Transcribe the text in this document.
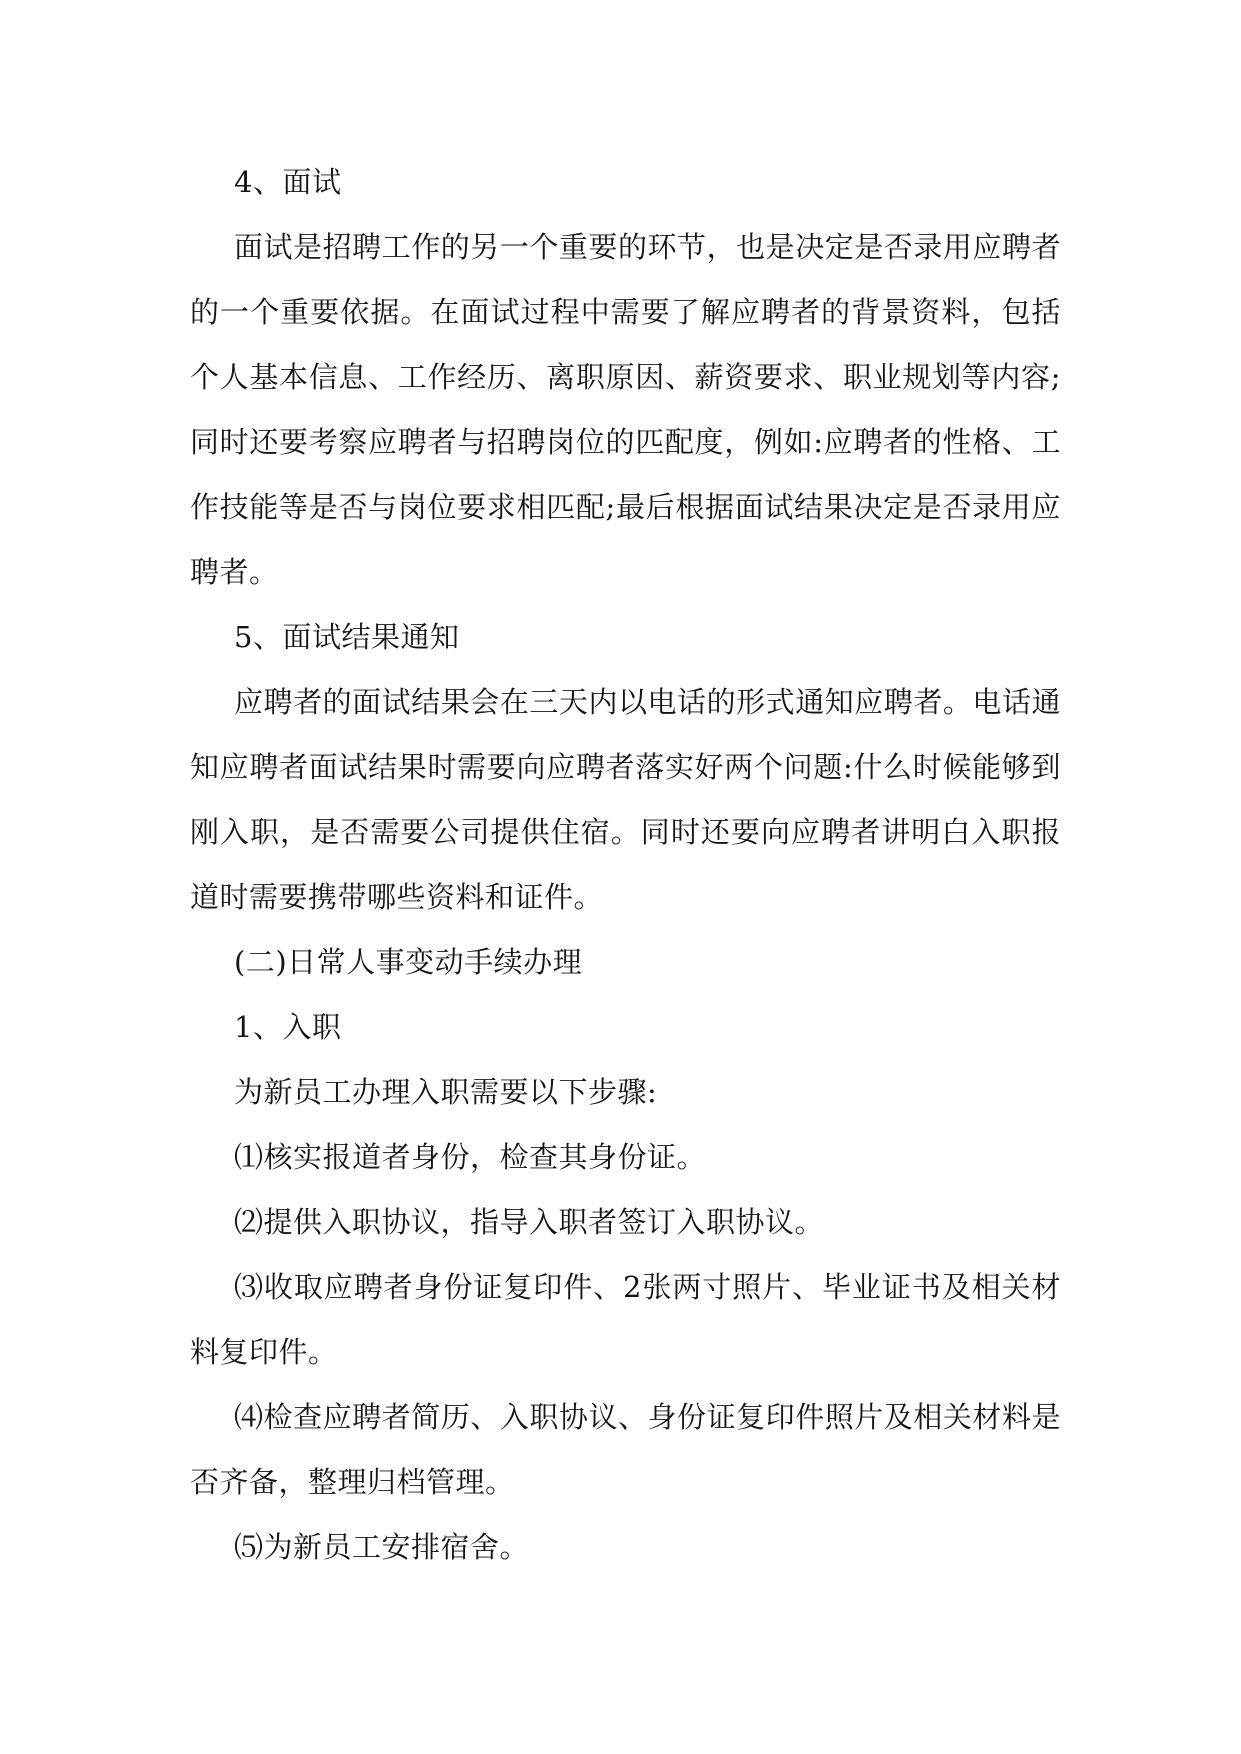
4、面试

面试是招聘工作的另一个重要的环节，也是决定是否录用应聘者的一个重要依据。在面试过程中需要了解应聘者的背景资料，包括个人基本信息、工作经历、离职原因、薪资要求、职业规划等内容;同时还要考察应聘者与招聘岗位的匹配度，例如:应聘者的性格、工作技能等是否与岗位要求相匹配;最后根据面试结果决定是否录用应聘者。

5、面试结果通知

应聘者的面试结果会在三天内以电话的形式通知应聘者。电话通知应聘者面试结果时需要向应聘者落实好两个问题:什么时候能够到刚入职，是否需要公司提供住宿。同时还要向应聘者讲明白入职报道时需要携带哪些资料和证件。

(二)日常人事变动手续办理

1、入职

为新员工办理入职需要以下步骤:

⑴核实报道者身份，检查其身份证。

⑵提供入职协议，指导入职者签订入职协议。

⑶收取应聘者身份证复印件、2张两寸照片、毕业证书及相关材料复印件。

⑷检查应聘者简历、入职协议、身份证复印件照片及相关材料是否齐备，整理归档管理。

⑸为新员工安排宿舍。
